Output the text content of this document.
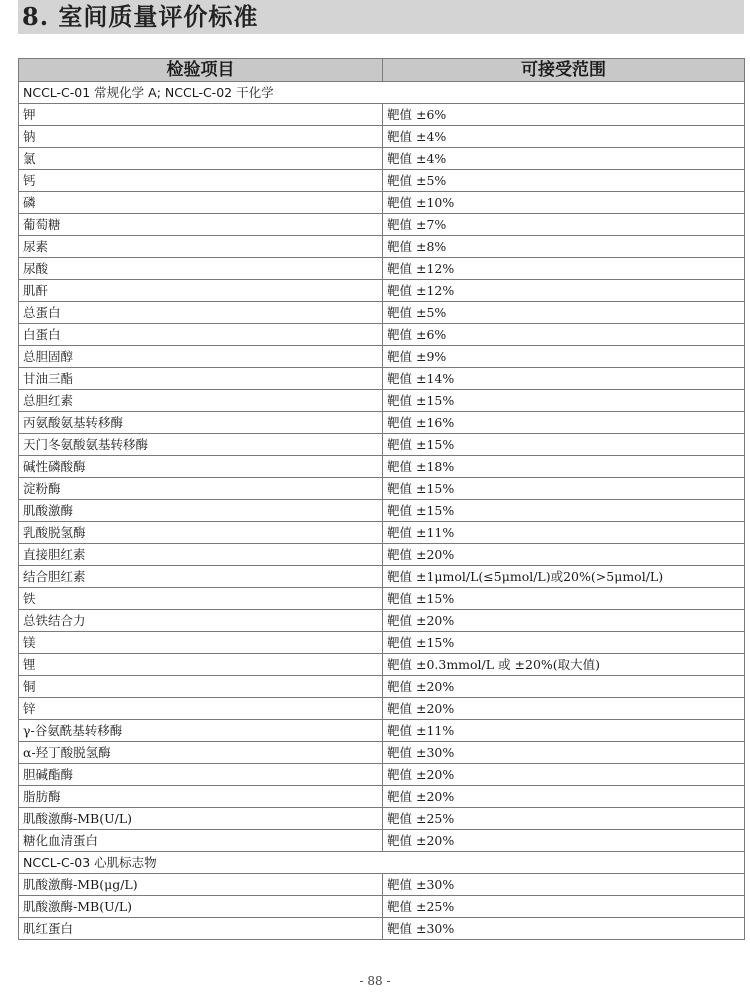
8. 室间质量评价标准
检验项目	可接受范围
NCCL-C-01 常规化学 A; NCCL-C-02 干化学	
钾	靶值 ±6%
钠	靶值 ±4%
氯	靶值 ±4%
钙	靶值 ±5%
磷	靶值 ±10%
葡萄糖	靶值 ±7%
尿素	靶值 ±8%
尿酸	靶值 ±12%
肌酐	靶值 ±12%
总蛋白	靶值 ±5%
白蛋白	靶值 ±6%
总胆固醇	靶值 ±9%
甘油三酯	靶值 ±14%
总胆红素	靶值 ±15%
丙氨酸氨基转移酶	靶值 ±16%
天门冬氨酸氨基转移酶	靶值 ±15%
碱性磷酸酶	靶值 ±18%
淀粉酶	靶值 ±15%
肌酸激酶	靶值 ±15%
乳酸脱氢酶	靶值 ±11%
直接胆红素	靶值 ±20%
结合胆红素	靶值 ±1μmol/L(≤5μmol/L)或20%(>5μmol/L)
铁	靶值 ±15%
总铁结合力	靶值 ±20%
镁	靶值 ±15%
锂	靶值 ±0.3mmol/L 或 ±20%(取大值)
铜	靶值 ±20%
锌	靶值 ±20%
γ-谷氨酰基转移酶	靶值 ±11%
α-羟丁酸脱氢酶	靶值 ±30%
胆碱酯酶	靶值 ±20%
脂肪酶	靶值 ±20%
肌酸激酶-MB(U/L)	靶值 ±25%
糖化血清蛋白	靶值 ±20%
NCCL-C-03 心肌标志物	
肌酸激酶-MB(μg/L)	靶值 ±30%
肌酸激酶-MB(U/L)	靶值 ±25%
肌红蛋白	靶值 ±30%
- 88 -
